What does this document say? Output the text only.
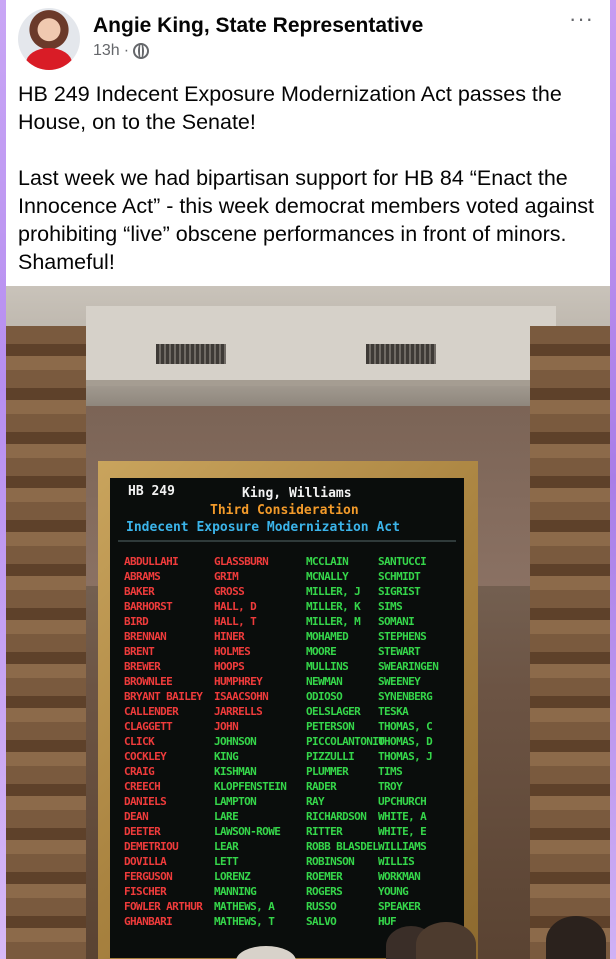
Angie King, State Representative
13h ·
···

HB 249 Indecent Exposure Modernization Act passes the House, on to the Senate!

Last week we had bipartisan support for HB 84 “Enact the Innocence Act” - this week democrat members voted against prohibiting “live” obscene performances in front of minors. Shameful!

HB 249	King, Williams
Third Consideration
Indecent Exposure Modernization Act
ABDULLAHI
ABRAMS
BAKER
BARHORST
BIRD
BRENNAN
BRENT
BREWER
BROWNLEE
BRYANT BAILEY
CALLENDER
CLAGGETT
CLICK
COCKLEY
CRAIG
CREECH
DANIELS
DEAN
DEETER
DEMETRIOU
DOVILLA
FERGUSON
FISCHER
FOWLER ARTHUR
GHANBARI
GLASSBURN
GRIM
GROSS
HALL, D
HALL, T
HINER
HOLMES
HOOPS
HUMPHREY
ISAACSOHN
JARRELLS
JOHN
JOHNSON
KING
KISHMAN
KLOPFENSTEIN
LAMPTON
LARE
LAWSON-ROWE
LEAR
LETT
LORENZ
MANNING
MATHEWS, A
MATHEWS, T
MCCLAIN
MCNALLY
MILLER, J
MILLER, K
MILLER, M
MOHAMED
MOORE
MULLINS
NEWMAN
ODIOSO
OELSLAGER
PETERSON
PICCOLANTONIO
PIZZULLI
PLUMMER
RADER
RAY
RICHARDSON
RITTER
ROBB BLASDEL
ROBINSON
ROEMER
ROGERS
RUSSO
SALVO
SANTUCCI
SCHMIDT
SIGRIST
SIMS
SOMANI
STEPHENS
STEWART
SWEARINGEN
SWEENEY
SYNENBERG
TESKA
THOMAS, C
THOMAS, D
THOMAS, J
TIMS
TROY
UPCHURCH
WHITE, A
WHITE, E
WILLIAMS
WILLIS
WORKMAN
YOUNG
SPEAKER
HUF
